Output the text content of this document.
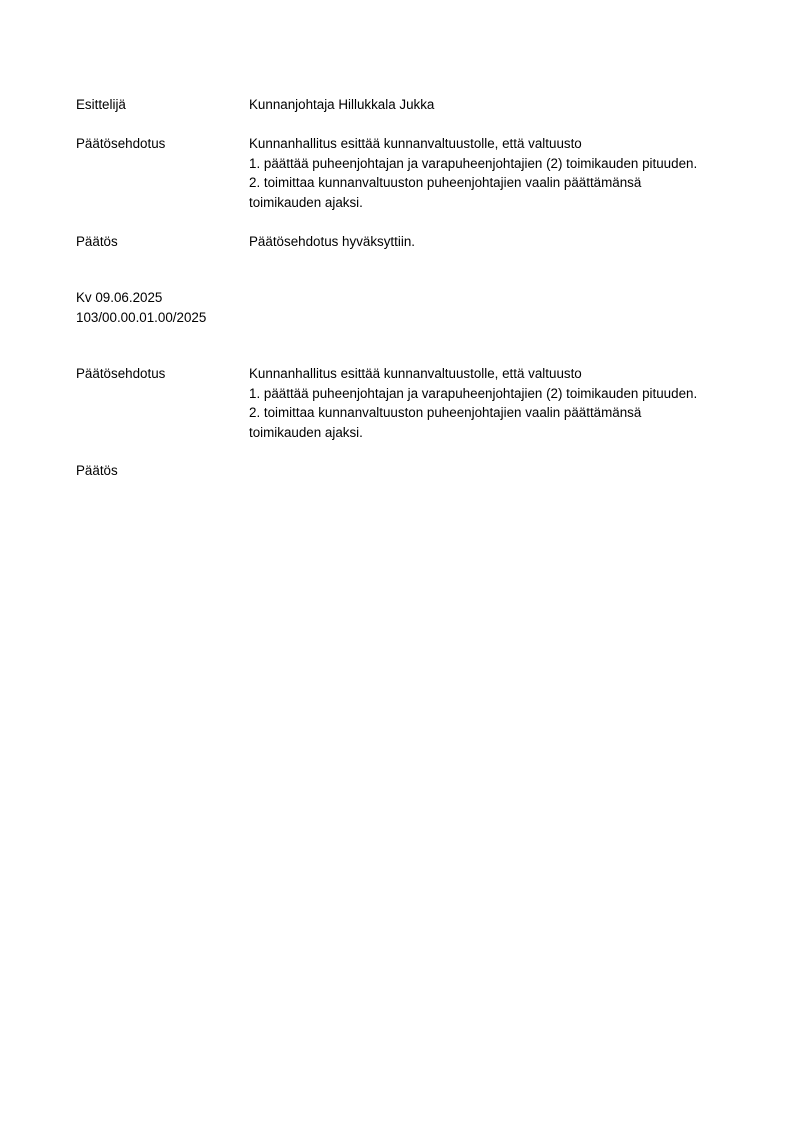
Esittelijä	Kunnanjohtaja Hillukkala Jukka
Päätösehdotus	Kunnanhallitus esittää kunnanvaltuustolle, että valtuusto
1. päättää puheenjohtajan ja varapuheenjohtajien (2) toimikauden pituuden.
2. toimittaa kunnanvaltuuston puheenjohtajien vaalin päättämänsä
toimikauden ajaksi.
Päätös	Päätösehdotus hyväksyttiin.
Kv 09.06.2025
103/00.00.01.00/2025
Päätösehdotus	Kunnanhallitus esittää kunnanvaltuustolle, että valtuusto
1. päättää puheenjohtajan ja varapuheenjohtajien (2) toimikauden pituuden.
2. toimittaa kunnanvaltuuston puheenjohtajien vaalin päättämänsä
toimikauden ajaksi.
Päätös
